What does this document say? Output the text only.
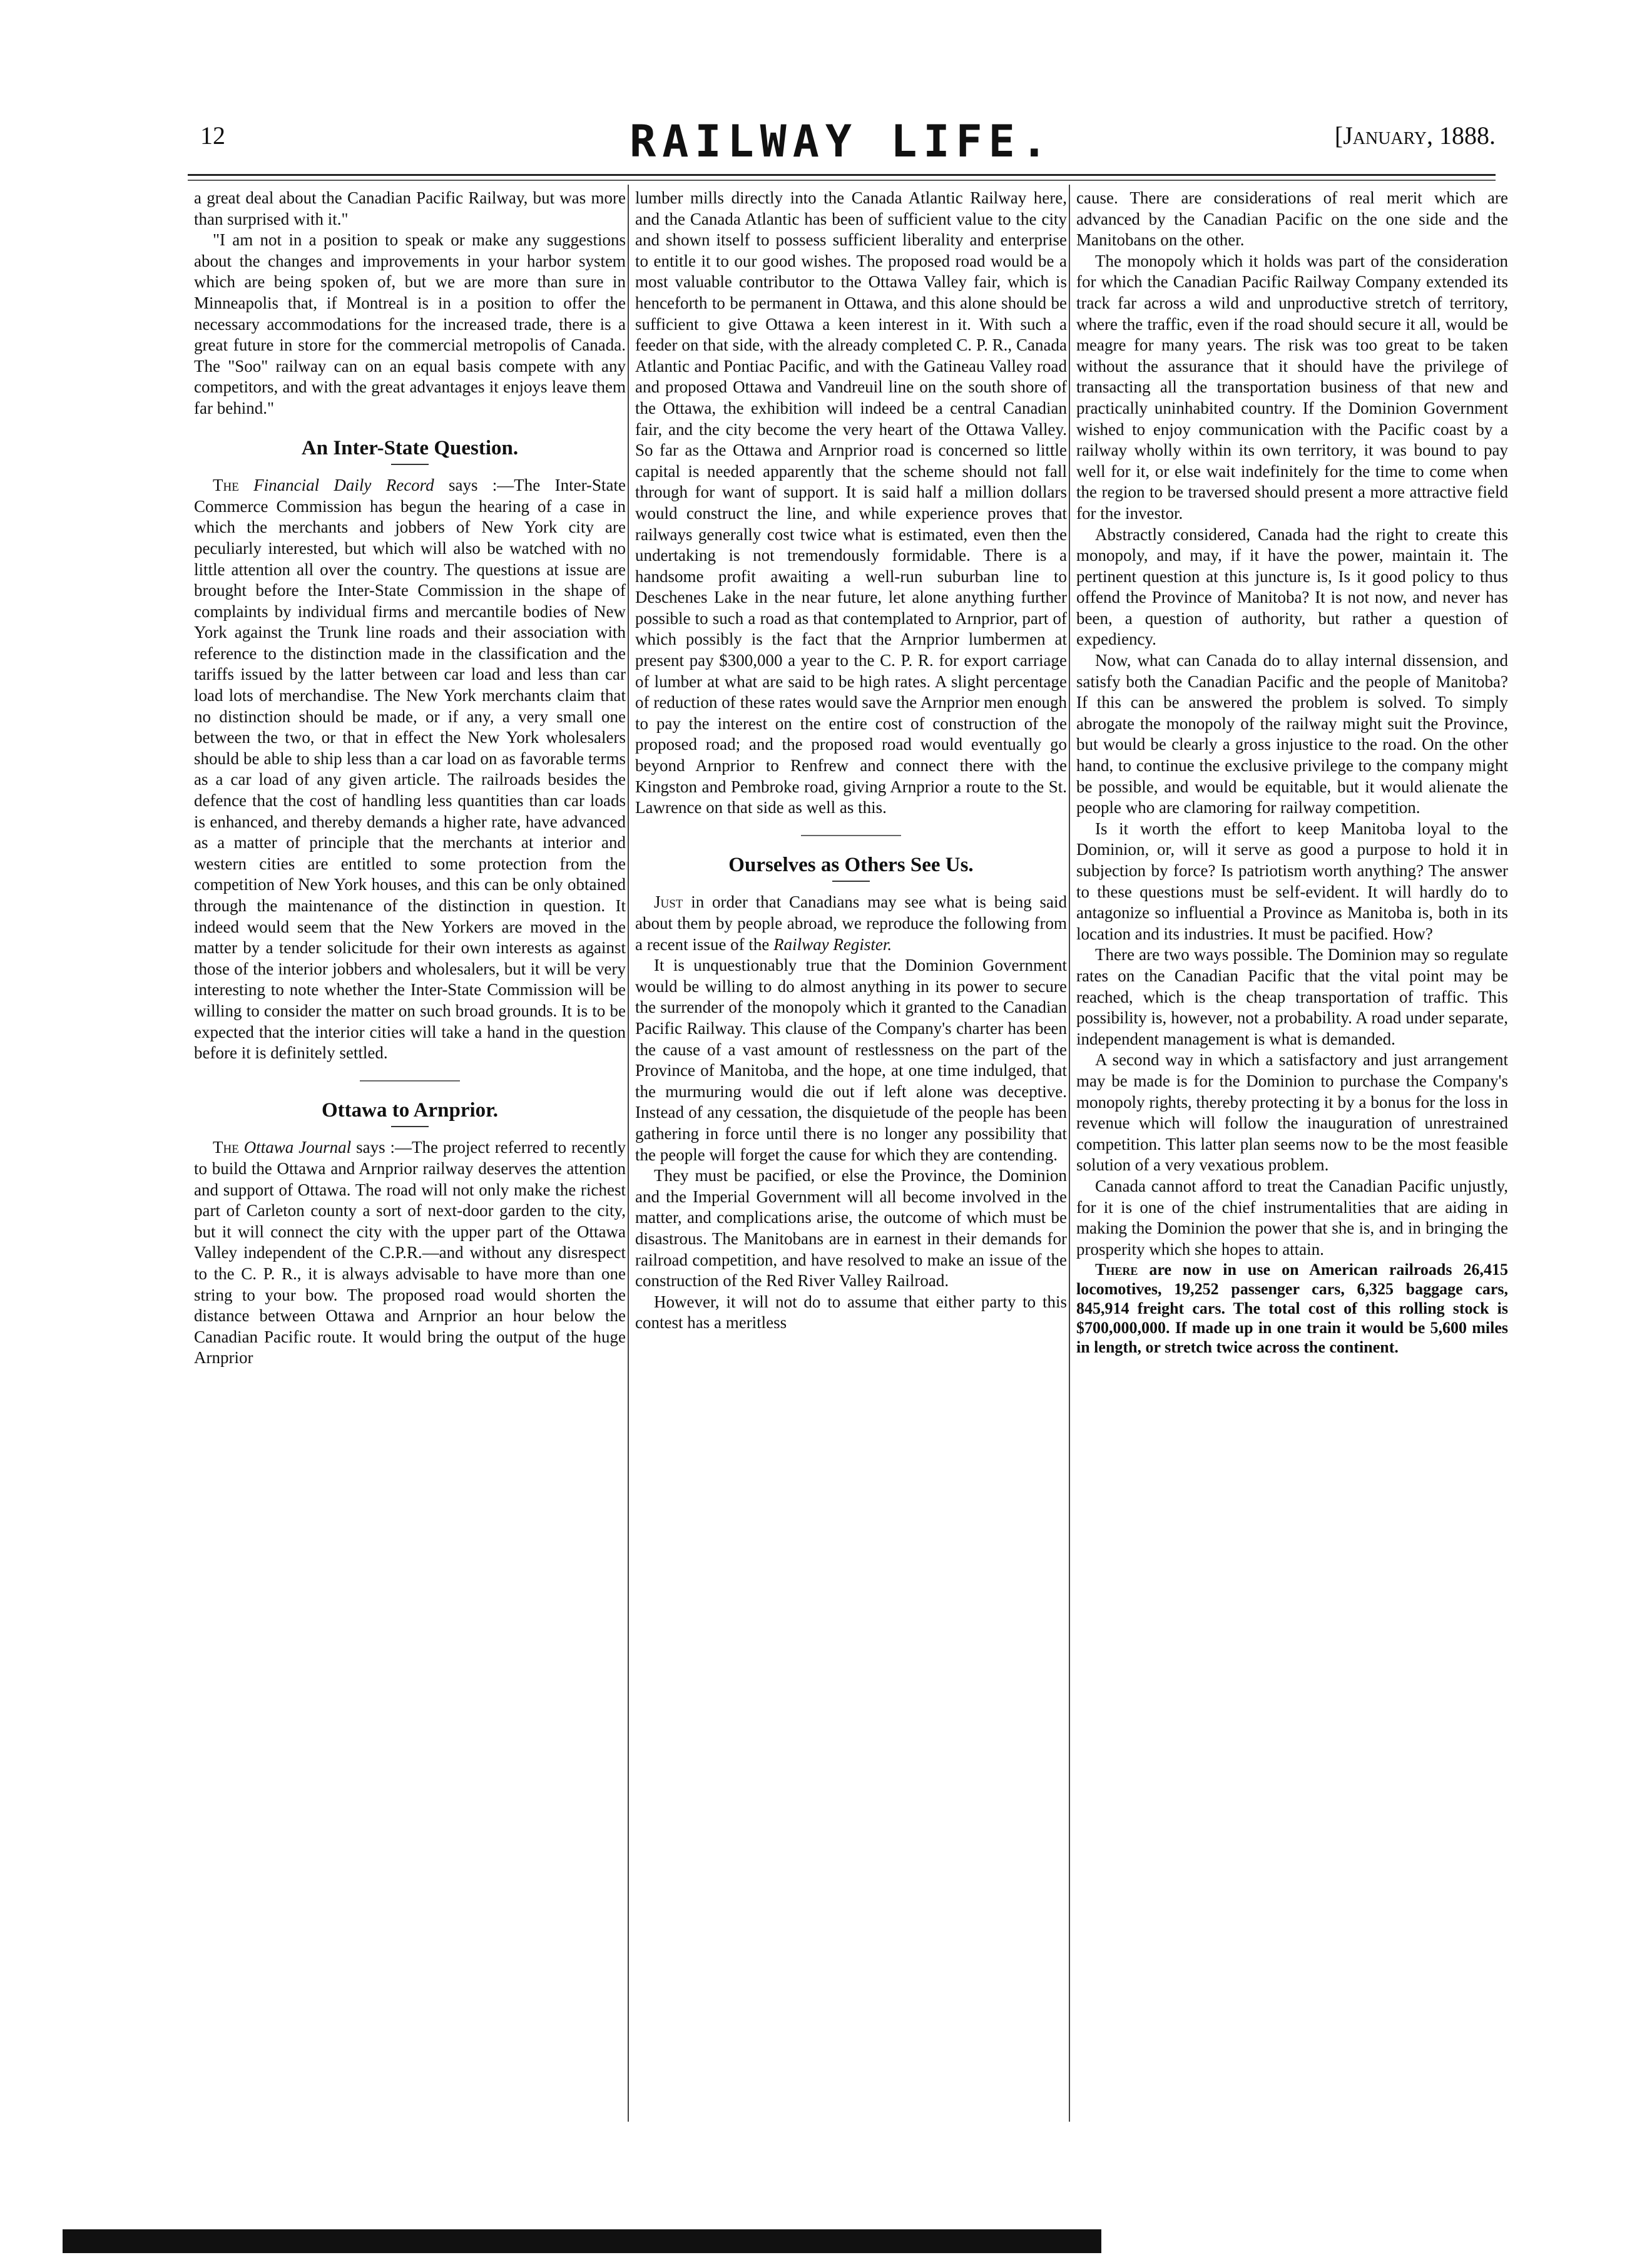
12	RAILWAY LIFE.	[January, 1888.

a great deal about the Canadian Pacific Railway, but was more than surprised with it."

"I am not in a position to speak or make any suggestions about the changes and improvements in your harbor system which are being spoken of, but we are more than sure in Minneapolis that, if Montreal is in a position to offer the necessary accommodations for the increased trade, there is a great future in store for the commercial metropolis of Canada. The "Soo" railway can on an equal basis compete with any competitors, and with the great advantages it enjoys leave them far behind."

An Inter-State Question.

The Financial Daily Record says :—The Inter-State Commerce Commission has begun the hearing of a case in which the merchants and jobbers of New York city are peculiarly interested, but which will also be watched with no little attention all over the country. The questions at issue are brought before the Inter-State Commission in the shape of complaints by individual firms and mercantile bodies of New York against the Trunk line roads and their association with reference to the distinction made in the classification and the tariffs issued by the latter between car load and less than car load lots of merchandise. The New York merchants claim that no distinction should be made, or if any, a very small one between the two, or that in effect the New York wholesalers should be able to ship less than a car load on as favorable terms as a car load of any given article. The railroads besides the defence that the cost of handling less quantities than car loads is enhanced, and thereby demands a higher rate, have advanced as a matter of principle that the merchants at interior and western cities are entitled to some protection from the competition of New York houses, and this can be only obtained through the maintenance of the distinction in question. It indeed would seem that the New Yorkers are moved in the matter by a tender solicitude for their own interests as against those of the interior jobbers and wholesalers, but it will be very interesting to note whether the Inter-State Commission will be willing to consider the matter on such broad grounds. It is to be expected that the interior cities will take a hand in the question before it is definitely settled.

Ottawa to Arnprior.

The Ottawa Journal says :—The project referred to recently to build the Ottawa and Arnprior railway deserves the attention and support of Ottawa. The road will not only make the richest part of Carleton county a sort of next-door garden to the city, but it will connect the city with the upper part of the Ottawa Valley independent of the C.P.R.—and without any disrespect to the C. P. R., it is always advisable to have more than one string to your bow. The proposed road would shorten the distance between Ottawa and Arnprior an hour below the Canadian Pacific route. It would bring the output of the huge Arnprior

lumber mills directly into the Canada Atlantic Railway here, and the Canada Atlantic has been of sufficient value to the city and shown itself to possess sufficient liberality and enterprise to entitle it to our good wishes. The proposed road would be a most valuable contributor to the Ottawa Valley fair, which is henceforth to be permanent in Ottawa, and this alone should be sufficient to give Ottawa a keen interest in it. With such a feeder on that side, with the already completed C. P. R., Canada Atlantic and Pontiac Pacific, and with the Gatineau Valley road and proposed Ottawa and Vandreuil line on the south shore of the Ottawa, the exhibition will indeed be a central Canadian fair, and the city become the very heart of the Ottawa Valley. So far as the Ottawa and Arnprior road is concerned so little capital is needed apparently that the scheme should not fall through for want of support. It is said half a million dollars would construct the line, and while experience proves that railways generally cost twice what is estimated, even then the undertaking is not tremendously formidable. There is a handsome profit awaiting a well-run suburban line to Deschenes Lake in the near future, let alone anything further possible to such a road as that contemplated to Arnprior, part of which possibly is the fact that the Arnprior lumbermen at present pay $300,000 a year to the C. P. R. for export carriage of lumber at what are said to be high rates. A slight percentage of reduction of these rates would save the Arnprior men enough to pay the interest on the entire cost of construction of the proposed road; and the proposed road would eventually go beyond Arnprior to Renfrew and connect there with the Kingston and Pembroke road, giving Arnprior a route to the St. Lawrence on that side as well as this.

Ourselves as Others See Us.

Just in order that Canadians may see what is being said about them by people abroad, we reproduce the following from a recent issue of the Railway Register.

It is unquestionably true that the Dominion Government would be willing to do almost anything in its power to secure the surrender of the monopoly which it granted to the Canadian Pacific Railway. This clause of the Company's charter has been the cause of a vast amount of restlessness on the part of the Province of Manitoba, and the hope, at one time indulged, that the murmuring would die out if left alone was deceptive. Instead of any cessation, the disquietude of the people has been gathering in force until there is no longer any possibility that the people will forget the cause for which they are contending.

They must be pacified, or else the Province, the Dominion and the Imperial Government will all become involved in the matter, and complications arise, the outcome of which must be disastrous. The Manitobans are in earnest in their demands for railroad competition, and have resolved to make an issue of the construction of the Red River Valley Railroad.

However, it will not do to assume that either party to this contest has a meritless

cause. There are considerations of real merit which are advanced by the Canadian Pacific on the one side and the Manitobans on the other.

The monopoly which it holds was part of the consideration for which the Canadian Pacific Railway Company extended its track far across a wild and unproductive stretch of territory, where the traffic, even if the road should secure it all, would be meagre for many years. The risk was too great to be taken without the assurance that it should have the privilege of transacting all the transportation business of that new and practically uninhabited country. If the Dominion Government wished to enjoy communication with the Pacific coast by a railway wholly within its own territory, it was bound to pay well for it, or else wait indefinitely for the time to come when the region to be traversed should present a more attractive field for the investor.

Abstractly considered, Canada had the right to create this monopoly, and may, if it have the power, maintain it. The pertinent question at this juncture is, Is it good policy to thus offend the Province of Manitoba? It is not now, and never has been, a question of authority, but rather a question of expediency.

Now, what can Canada do to allay internal dissension, and satisfy both the Canadian Pacific and the people of Manitoba? If this can be answered the problem is solved. To simply abrogate the monopoly of the railway might suit the Province, but would be clearly a gross injustice to the road. On the other hand, to continue the exclusive privilege to the company might be possible, and would be equitable, but it would alienate the people who are clamoring for railway competition.

Is it worth the effort to keep Manitoba loyal to the Dominion, or, will it serve as good a purpose to hold it in subjection by force? Is patriotism worth anything? The answer to these questions must be self-evident. It will hardly do to antagonize so influential a Province as Manitoba is, both in its location and its industries. It must be pacified. How?

There are two ways possible. The Dominion may so regulate rates on the Canadian Pacific that the vital point may be reached, which is the cheap transportation of traffic. This possibility is, however, not a probability. A road under separate, independent management is what is demanded.

A second way in which a satisfactory and just arrangement may be made is for the Dominion to purchase the Company's monopoly rights, thereby protecting it by a bonus for the loss in revenue which will follow the inauguration of unrestrained competition. This latter plan seems now to be the most feasible solution of a very vexatious problem.

Canada cannot afford to treat the Canadian Pacific unjustly, for it is one of the chief instrumentalities that are aiding in making the Dominion the power that she is, and in bringing the prosperity which she hopes to attain.

There are now in use on American railroads 26,415 locomotives, 19,252 passenger cars, 6,325 baggage cars, 845,914 freight cars. The total cost of this rolling stock is $700,000,000. If made up in one train it would be 5,600 miles in length, or stretch twice across the continent.
